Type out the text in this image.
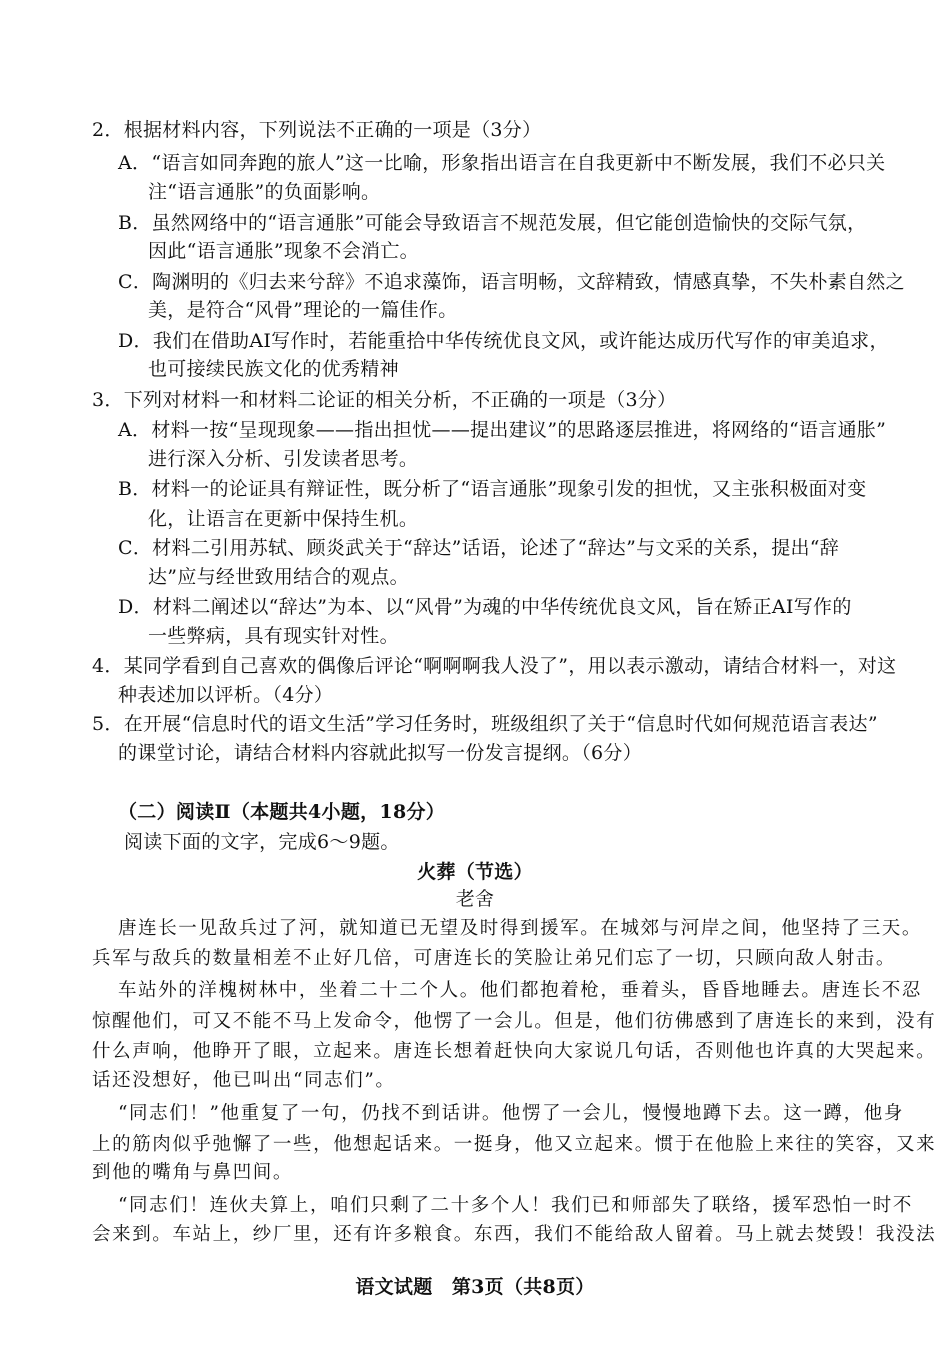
2．根据材料内容，下列说法不正确的一项是（3分）
A．“语言如同奔跑的旅人”这一比喻，形象指出语言在自我更新中不断发展，我们不必只关
注“语言通胀”的负面影响。
B．虽然网络中的“语言通胀”可能会导致语言不规范发展，但它能创造愉快的交际气氛，
因此“语言通胀”现象不会消亡。
C．陶渊明的《归去来兮辞》不追求藻饰，语言明畅，文辞精致，情感真挚，不失朴素自然之
美，是符合“风骨”理论的一篇佳作。
D．我们在借助AI写作时，若能重拾中华传统优良文风，或许能达成历代写作的审美追求，
也可接续民族文化的优秀精神
3．下列对材料一和材料二论证的相关分析，不正确的一项是（3分）
A．材料一按“呈现现象——指出担忧——提出建议”的思路逐层推进，将网络的“语言通胀”
进行深入分析、引发读者思考。
B．材料一的论证具有辩证性，既分析了“语言通胀”现象引发的担忧，又主张积极面对变
化，让语言在更新中保持生机。
C．材料二引用苏轼、顾炎武关于“辞达”话语，论述了“辞达”与文采的关系，提出“辞
达”应与经世致用结合的观点。
D．材料二阐述以“辞达”为本、以“风骨”为魂的中华传统优良文风，旨在矫正AI写作的
一些弊病，具有现实针对性。
4．某同学看到自己喜欢的偶像后评论“啊啊啊我人没了”，用以表示激动，请结合材料一，对这
种表述加以评析。（4分）
5．在开展“信息时代的语文生活”学习任务时，班级组织了关于“信息时代如何规范语言表达”
的课堂讨论，请结合材料内容就此拟写一份发言提纲。（6分）
（二）阅读Ⅱ（本题共4小题，18分）
阅读下面的文字，完成6～9题。
火葬（节选）
老舍
唐连长一见敌兵过了河，就知道已无望及时得到援军。在城郊与河岸之间，他坚持了三天。
兵军与敌兵的数量相差不止好几倍，可唐连长的笑脸让弟兄们忘了一切，只顾向敌人射击。
车站外的洋槐树林中，坐着二十二个人。他们都抱着枪，垂着头，昏昏地睡去。唐连长不忍
惊醒他们，可又不能不马上发命令，他愣了一会儿。但是，他们彷佛感到了唐连长的来到，没有
什么声响，他睁开了眼，立起来。唐连长想着赶快向大家说几句话，否则他也许真的大哭起来。
话还没想好，他已叫出“同志们”。
“同志们！”他重复了一句，仍找不到话讲。他愣了一会儿，慢慢地蹲下去。这一蹲，他身
上的筋肉似乎弛懈了一些，他想起话来。一挺身，他又立起来。惯于在他脸上来往的笑容，又来
到他的嘴角与鼻凹间。
“同志们！连伙夫算上，咱们只剩了二十多个人！我们已和师部失了联络，援军恐怕一时不
会来到。车站上，纱厂里，还有许多粮食。东西，我们不能给敌人留着。马上就去焚毁！我没法
语文试题　第3页（共8页）
